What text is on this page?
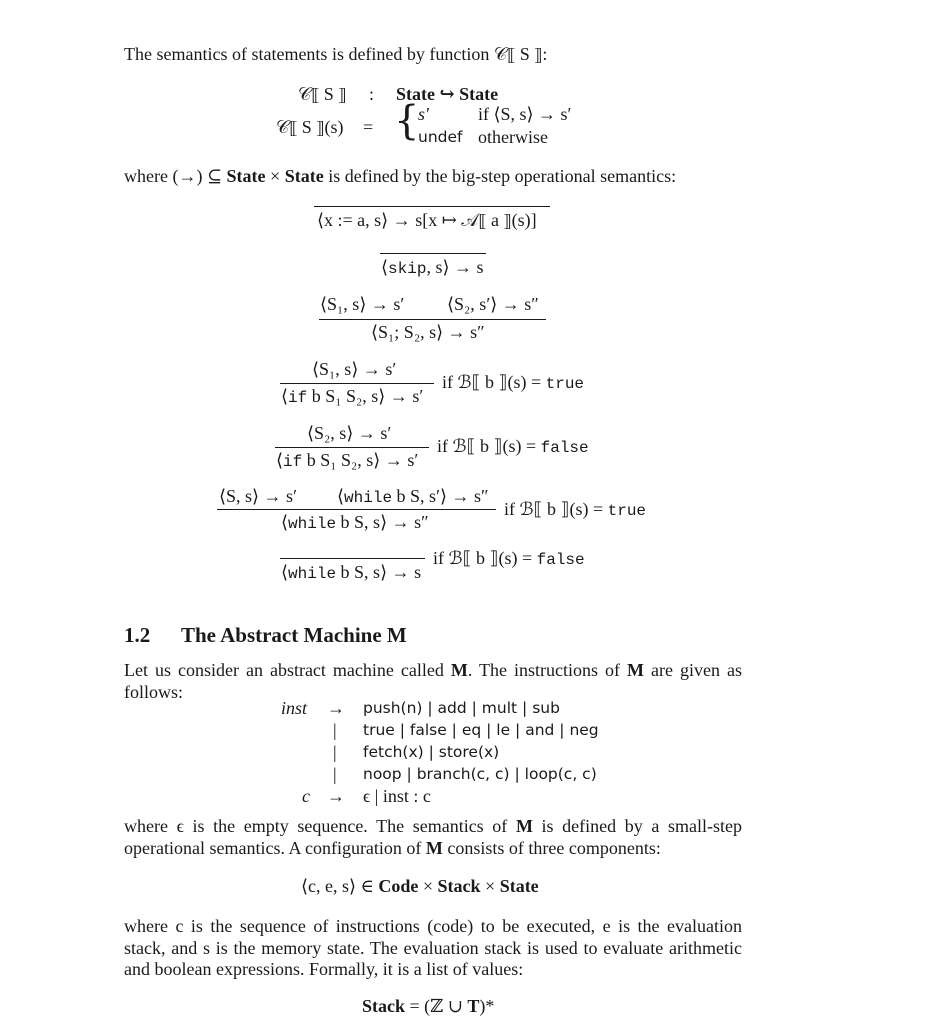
The semantics of statements is defined by function 𝒞⟦ S ⟧:
𝒞⟦ S ⟧ : State ↪ State
𝒞⟦ S ⟧(s) = {
s′	if ⟨S, s⟩ → s′
undef otherwise
where (→) ⊆ State × State is defined by the big-step operational semantics:
⟨x := a, s⟩ → s[x ↦ 𝒜⟦ a ⟧(s)]
⟨skip, s⟩ → s
⟨S₁, s⟩ → s′ ⟨S₂, s′⟩ → s″
⟨S₁; S₂, s⟩ → s″
⟨S₁, s⟩ → s′
⟨if b S₁ S₂, s⟩ → s′
if ℬ⟦ b ⟧(s) = true
⟨S₂, s⟩ → s′
⟨if b S₁ S₂, s⟩ → s′
if ℬ⟦ b ⟧(s) = false
⟨S, s⟩ → s′ ⟨while b S, s′⟩ → s″
⟨while b S, s⟩ → s″
if ℬ⟦ b ⟧(s) = true
⟨while b S, s⟩ → s
if ℬ⟦ b ⟧(s) = false
1.2 The Abstract Machine M
Let us consider an abstract machine called M. The instructions of M are given as follows:
inst → push(n) | add | mult | sub
| true | false | eq | le | and | neg
| fetch(x) | store(x)
| noop | branch(c, c) | loop(c, c)
c → ϵ | inst : c
where ϵ is the empty sequence. The semantics of M is defined by a small-step operational semantics. A configuration of M consists of three components:
⟨c, e, s⟩ ∈ Code × Stack × State
where c is the sequence of instructions (code) to be executed, e is the evaluation stack, and s is the memory state. The evaluation stack is used to evaluate arithmetic and boolean expressions. Formally, it is a list of values:
Stack = (ℤ ∪ T)*
